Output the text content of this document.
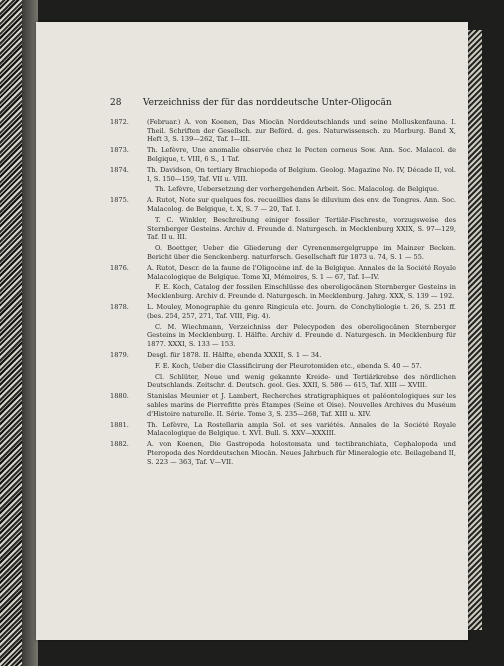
28 Verzeichniss der für das norddeutsche Unter-Oligocän
1872.	(Februar.) A. von Koenen, Das Miocän Norddeutschlands und seine Molluskenfauna. I. Theil. Schriften der Gesellsch. zur Beförd. d. ges. Naturwissensch. zu Marburg. Band X, Heft 3, S. 139—262, Taf. I—III.
1873.	Th. Lefèvre, Une anomalie observée chez le Pecten corneus Sow. Ann. Soc. Malacol. de Belgique, t. VIII, 6 S., 1 Taf.
1874.	Th. Davidson, On tertiary Brachiopoda of Belgium. Geolog. Magazine No. IV, Décade II, vol. I, S. 150—159, Taf. VII u. VIII.
Th. Lefèvre, Uebersetzung der vorhergehenden Arbeit. Soc. Malacolog. de Belgique.
1875.	A. Rutot, Note sur quelques fos. recueillies dans le diluvium des env. de Tongres. Ann. Soc. Malacolog. de Belgique, t. X, S. 7 — 20, Taf. I.
T. C. Winkler, Beschreibung einiger fossiler Tertiär-Fischreste, vorzugsweise des Sternberger Gesteins. Archiv d. Freunde d. Naturgesch. in Mecklenburg XXIX, S. 97—129, Taf. II u. III.
O. Boettger, Ueber die Gliederung der Cyrenenmergelgruppe im Mainzer Becken. Bericht über die Senckenberg. naturforsch. Gesellschaft für 1873 u. 74, S. 1 — 55.
1876.	A. Rutot, Descr. de la faune de l'Oligocène inf. de la Belgique. Annales de la Société Royale Malacologique de Belgique. Tome XI, Mémoires, S. 1 — 67, Taf. I—IV.
F. E. Koch, Catalog der fossilen Einschlüsse des oberoligocänen Sternberger Gesteins in Mecklenburg. Archiv d. Freunde d. Naturgesch. in Mecklenburg. Jahrg. XXX, S. 139 — 192.
1878.	L. Mouley, Monographie du genre Ringicula etc. Journ. de Conchyliologie t. 26, S. 251 ff. (bes. 254, 257, 271, Taf. VIII, Fig. 4).
C. M. Wiechmann, Verzeichniss der Pelecypoden des oberoligocänen Sternberger Gesteins in Mecklenburg. I. Hälfte. Archiv d. Freunde d. Naturgesch. in Mecklenburg für 1877. XXXI, S. 133 — 153.
1879.	Desgl. für 1878. II. Hälfte, ebenda XXXII, S. 1 — 34.
F. E. Koch, Ueber die Classificirung der Pleurotomiden etc., ebenda S. 40 — 57.
Cl. Schlüter, Neue und wenig gekannte Kreide- und Tertiärkrebse des nördlichen Deutschlands. Zeitschr. d. Deutsch. geol. Ges. XXII, S. 586 — 615, Taf. XIII — XVIII.
1880.	Stanislas Meunier et J. Lambert, Recherches stratigraphiques et paléontologiques sur les sables marins de Pierrefitte près Étampes (Seine et Oise). Nouvelles Archives du Muséum d'Histoire naturelle. II. Série. Tome 3, S. 235—268, Taf. XIII u. XIV.
1881.	Th. Lefèvre, La Rostellaria ampla Sol. et ses variétés. Annales de la Société Royale Malacologique de Belgique. t. XVI. Bull. S. XXV—XXXIII.
1882.	A. von Koenen, Die Gastropoda holostomata und tectibranchiata, Cephalopoda und Pteropoda des Norddeutschen Miocän. Neues Jahrbuch für Mineralogie etc. Beilageband II, S. 223 — 363, Taf. V—VII.
